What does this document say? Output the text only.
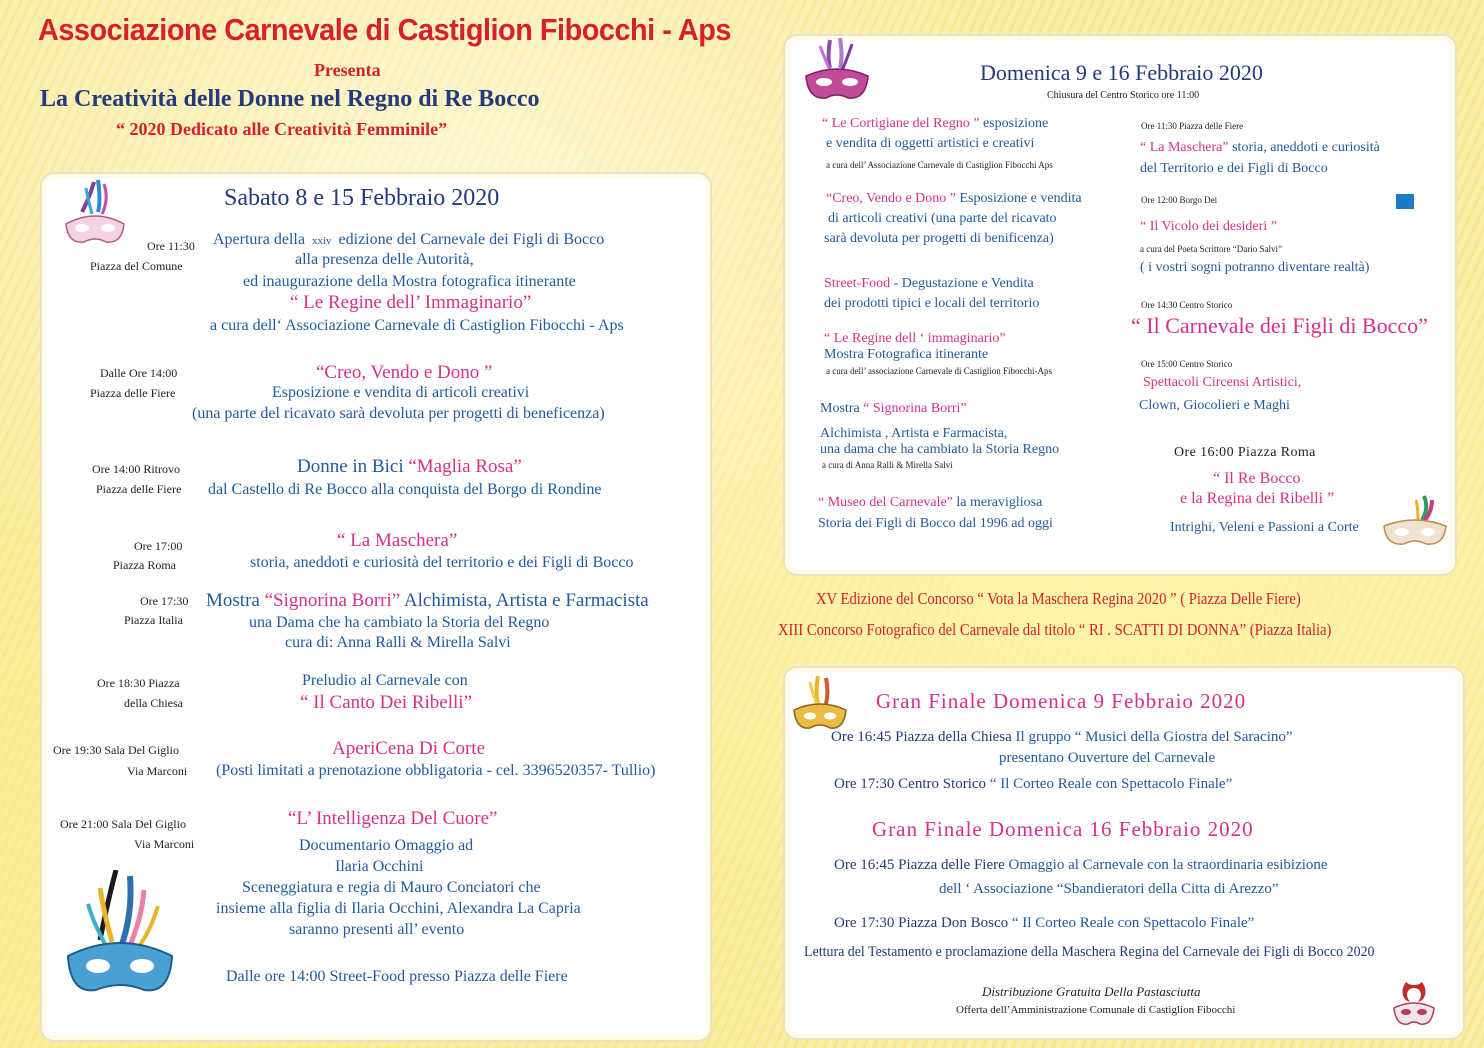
Associazione Carnevale di Castiglion Fibocchi - Aps
Presenta
La Creatività delle Donne nel Regno di Re Bocco
“ 2020 Dedicato alle Creatività Femminile”
Sabato 8 e 15 Febbraio 2020
Ore 11:30
Piazza del Comune
Apertura della xxiv edizione del Carnevale dei Figli di Bocco
alla presenza delle Autorità,
ed inaugurazione della Mostra fotografica itinerante
“ Le Regine dell’ Immaginario”
a cura dell‘ Associazione Carnevale di Castiglion Fibocchi - Aps
Dalle Ore 14:00
Piazza delle Fiere
“Creo, Vendo e Dono ”
Esposizione e vendita di articoli creativi
(una parte del ricavato sarà devoluta per progetti di beneficenza)
Ore 14:00 Ritrovo
Piazza delle Fiere
Donne in Bici “Maglia Rosa”
dal Castello di Re Bocco alla conquista del Borgo di Rondine
Ore 17:00
Piazza Roma
“ La Maschera”
storia, aneddoti e curiosità del territorio e dei Figli di Bocco
Ore 17:30
Piazza Italia
Mostra “Signorina Borri” Alchimista, Artista e Farmacista
una Dama che ha cambiato la Storia del Regno
cura di: Anna Ralli & Mirella Salvi
Ore 18:30 Piazza
della Chiesa
Preludio al Carnevale con
“ Il Canto Dei Ribelli”
Ore 19:30 Sala Del Giglio
Via Marconi
AperiCena Di Corte
(Posti limitati a prenotazione obbligatoria - cel. 3396520357- Tullio)
Ore 21:00 Sala Del Giglio
Via Marconi
“L’ Intelligenza Del Cuore”
Documentario Omaggio ad
Ilaria Occhini
Sceneggiatura e regia di Mauro Conciatori che
insieme alla figlia di Ilaria Occhini, Alexandra La Capria
saranno presenti all’ evento
Dalle ore 14:00 Street-Food presso Piazza delle Fiere
Domenica 9 e 16 Febbraio 2020
Chiusura del Centro Storico ore 11:00
“ Le Cortigiane del Regno ” esposizione
e vendita di oggetti artistici e creativi
a cura dell’ Associazione Carnevale di Castiglion Fibocchi Aps
“Creo, Vendo e Dono ” Esposizione e vendita
di articoli creativi (una parte del ricavato
sarà devoluta per progetti di benificenza)
Street-Food - Degustazione e Vendita
dei prodotti tipici e locali del territorio
“ Le Regine dell ‘ immaginario”
Mostra Fotografica itinerante
a cura dell’ associazione Carnevale di Castiglion Fibocchi-Aps
Mostra “ Signorina Borri”
Alchimista , Artista e Farmacista,
una dama che ha cambiato la Storia Regno
a cura di Anna Ralli & Mirella Salvi
“ Museo del Carnevale” la meravigliosa
Storia dei Figli di Bocco dal 1996 ad oggi
Ore 11:30 Piazza delle Fiere
“ La Maschera” storia, aneddoti e curiosità
del Territorio e dei Figli di Bocco
Ore 12:00 Borgo Dei
“ Il Vicolo dei desideri ”
a cura del Poeta Scrittore “Dario Salvi”
( i vostri sogni potranno diventare realtà)
Ore 14:30 Centro Storico
“ Il Carnevale dei Figli di Bocco”
Ore 15:00 Centro Storico
Spettacoli Circensi Artistici,
Clown, Giocolieri e Maghi
Ore 16:00 Piazza Roma
“ Il Re Bocco
e la Regina dei Ribelli ”
Intrighi, Veleni e Passioni a Corte
XV Edizione del Concorso “ Vota la Maschera Regina 2020 ” ( Piazza Delle Fiere)
XIII Concorso Fotografico del Carnevale dal titolo “ RI . SCATTI DI DONNA” (Piazza Italia)
Gran Finale Domenica 9 Febbraio 2020
Ore 16:45 Piazza della Chiesa Il gruppo “ Musici della Giostra del Saracino”
presentano Ouverture del Carnevale
Ore 17:30 Centro Storico “ Il Corteo Reale con Spettacolo Finale”
Gran Finale Domenica 16 Febbraio 2020
Ore 16:45 Piazza delle Fiere Omaggio al Carnevale con la straordinaria esibizione
dell ‘ Associazione “Sbandieratori della Citta di Arezzo”
Ore 17:30 Piazza Don Bosco “ Il Corteo Reale con Spettacolo Finale”
Lettura del Testamento e proclamazione della Maschera Regina del Carnevale dei Figli di Bocco 2020
Distribuzione Gratuita Della Pastasciutta
Offerta dell’Amministrazione Comunale di Castiglion Fibocchi
